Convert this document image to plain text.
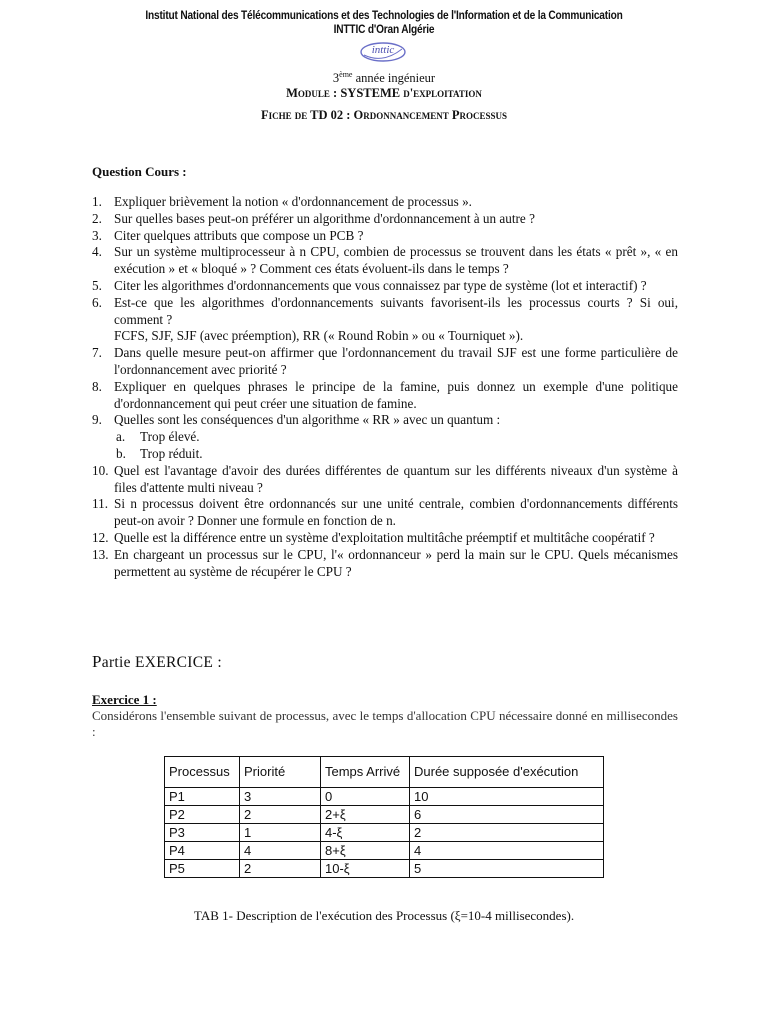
Institut National des Télécommunications et des Technologies de l'Information et de la Communication
INTTIC d'Oran Algérie
inttic
3ème année ingénieur
Module : SYSTEME d'exploitation
Fiche de TD 02 : Ordonnancement Processus
Question Cours :
1. Expliquer brièvement la notion « d'ordonnancement de processus ».
2. Sur quelles bases peut-on préférer un algorithme d'ordonnancement à un autre ?
3. Citer quelques attributs que compose un PCB ?
4. Sur un système multiprocesseur à n CPU, combien de processus se trouvent dans les états « prêt », « en exécution » et « bloqué » ? Comment ces états évoluent-ils dans le temps ?
5. Citer les algorithmes d'ordonnancements que vous connaissez par type de système (lot et interactif) ?
6. Est-ce que les algorithmes d'ordonnancements suivants favorisent-ils les processus courts ? Si oui, comment ?
FCFS, SJF, SJF (avec préemption), RR (« Round Robin » ou « Tourniquet »).
7. Dans quelle mesure peut-on affirmer que l'ordonnancement du travail SJF est une forme particulière de l'ordonnancement avec priorité ?
8. Expliquer en quelques phrases le principe de la famine, puis donnez un exemple d'une politique d'ordonnancement qui peut créer une situation de famine.
9. Quelles sont les conséquences d'un algorithme « RR » avec un quantum :
a. Trop élevé.
b. Trop réduit.
10. Quel est l'avantage d'avoir des durées différentes de quantum sur les différents niveaux d'un système à files d'attente multi niveau ?
11. Si n processus doivent être ordonnancés sur une unité centrale, combien d'ordonnancements différents peut-on avoir ? Donner une formule en fonction de n.
12. Quelle est la différence entre un système d'exploitation multitâche préemptif et multitâche coopératif ?
13. En chargeant un processus sur le CPU, l'« ordonnanceur » perd la main sur le CPU. Quels mécanismes permettent au système de récupérer le CPU ?
Partie EXERCICE :
Exercice 1 :
Considérons l'ensemble suivant de processus, avec le temps d'allocation CPU nécessaire donné en millisecondes :
Processus	Priorité	Temps Arrivé	Durée supposée d'exécution
P1	3	0	10
P2	2	2+ξ	6
P3	1	4-ξ	2
P4	4	8+ξ	4
P5	2	10-ξ	5
TAB 1- Description de l'exécution des Processus (ξ=10-4 millisecondes).
